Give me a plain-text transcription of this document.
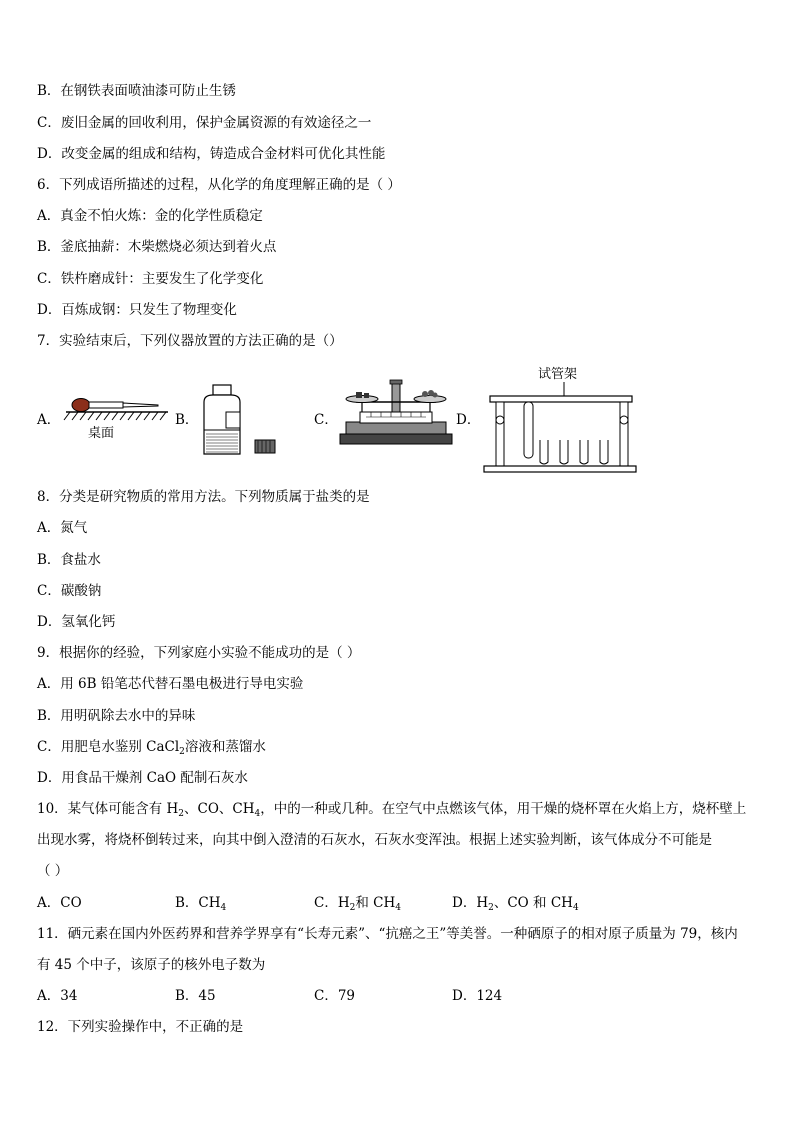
B．在钢铁表面喷油漆可防止生锈
C．废旧金属的回收利用，保护金属资源的有效途径之一
D．改变金属的组成和结构，铸造成合金材料可优化其性能
6．下列成语所描述的过程，从化学的角度理解正确的是（ ）
A．真金不怕火炼：金的化学性质稳定
B．釜底抽薪：木柴燃烧必须达到着火点
C．铁杵磨成针：主要发生了化学变化
D．百炼成钢：只发生了物理变化
7．实验结束后，下列仪器放置的方法正确的是（）
A．
桌面
B．	C．	D．
试管架
8．分类是研究物质的常用方法。下列物质属于盐类的是
A．氮气
B．食盐水
C．碳酸钠
D．氢氧化钙
9．根据你的经验，下列家庭小实验不能成功的是（ ）
A．用 6B 铅笔芯代替石墨电极进行导电实验
B．用明矾除去水中的异味
C．用肥皂水鉴别 CaCl$_2$溶液和蒸馏水
D．用食品干燥剂 CaO 配制石灰水
10．某气体可能含有 $H_2$、CO、$CH_4$，中的一种或几种。在空气中点燃该气体，用干燥的烧杯罩在火焰上方，烧杯壁上
出现水雾，将烧杯倒转过来，向其中倒入澄清的石灰水，石灰水变浑浊。根据上述实验判断，该气体成分不可能是
（ ）
A．CO	B．$CH_4$	C．$H_2$和 $CH_4$	D．$H_2$、CO 和 $CH_4$
11．硒元素在国内外医药界和营养学界享有“长寿元素”、“抗癌之王”等美誉。一种硒原子的相对原子质量为 79，核内
有 45 个中子，该原子的核外电子数为
A．34	B．45	C．79	D．124
12．下列实验操作中，不正确的是
